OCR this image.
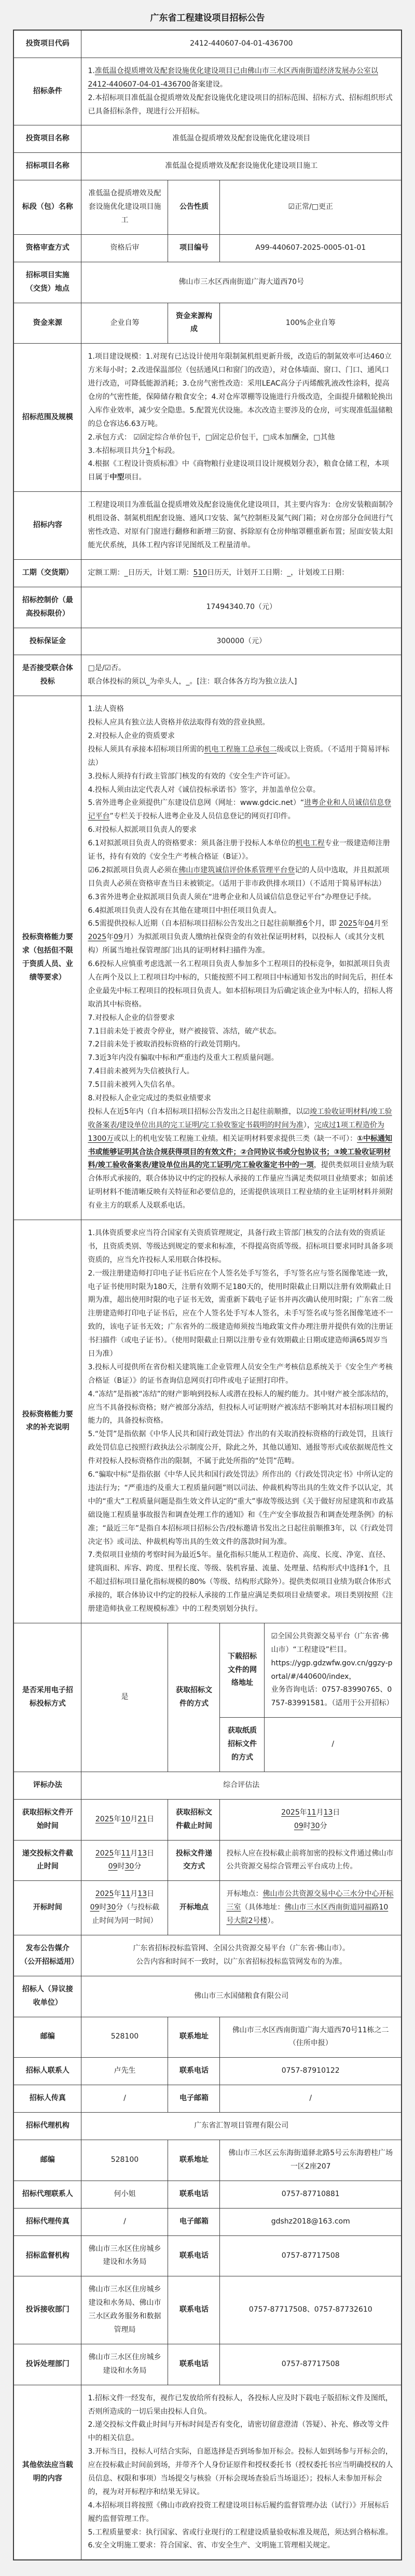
广东省工程建设项目招标公告
投资项目代码	2412-440607-04-01-436700			
招标条件	1.准低温仓提质增效及配套设施优化建设项目已由佛山市三水区西南街道经济发展办公室以2412-440607-04-01-436700备案建设。
2.本招标项目准低温仓提质增效及配套设施优化建设项目的招标范围、招标方式、招标组织形式已具备招标条件，现进行公开招标。			
投资项目名称	准低温仓提质增效及配套设施优化建设项目			
招标项目名称	准低温仓提质增效及配套设施优化建设项目施工			
标段（包）名称	准低温仓提质增效及配套设施优化建设项目施工	公告性质	☑正常/□更正	
资格审查方式	资格后审	项目编号	A99-440607-2025-0005-01-01	
招标项目实施（交货）地点	佛山市三水区西南街道广海大道西70号			
资金来源	企业自筹	资金来源构成	100%企业自筹	
招标范围及规模	1.项目建设规模：1.对现有已达设计使用年限制氮机组更新升级，改造后的制氮效率可达460立方米每小时；2.改进保温部位（包括通风口和窗门的改造），对仓体墙面、窗口、门口、通风口进行改造，可降低能源消耗；3.仓房气密性改造：采用LEAC高分子丙烯酸乳液改性涂料，提高仓房的气密性能，保障储存粮食安全；4.对仓库罩棚等设施进行升级改造，全面提升储粮轮换出入库作业效率，减少安全隐患。5.配置光伏设施。本次改造主要涉及的仓房，可实现准低温储粮的总仓容达6.63万吨。
2.承包方式： ☑固定综合单价包干，□固定总价包干，□成本加酬金，□其他
3.本招标项目共分1个标段。
4.根据《工程设计资质标准》中《商物粮行业建设项目设计规模划分表》，粮食仓储工程，本项目属于中型项目。			
招标内容	工程建设项目为准低温仓提质增效及配套设施优化建设项目，其主要内容为：仓房安装粮面制冷机组设备、制氮机组配套设施、通风口安装、氮气控制柜及氮气阀门箱；对仓房部分仓间进行气密性改造、对原有门窗进行翻修和新增三防窗、拆除原有仓房伸缩罩棚重新布置；屋面安装太阳能光伏系统，具体工程内容详见图纸及工程量清单。			
工期（交货期）	定额工期：_日历天，计划工期：510日历天，计划开工日期：_，计划竣工日期：			
招标控制价（最高投标限价）	17494340.70（元）			
投标保证金	300000（元）			
是否接受联合体投标	□是/☑否。
联合体投标的须以_为牵头人，_。[注：联合体各方均为独立法人]			
投标资格能力要求（包括但不限于资质人员、业绩等要求）	1.法人资格
投标人应具有独立法人资格并依法取得有效的营业执照。
2.对投标人企业的资质要求
投标人须具有承接本招标项目所需的机电工程施工总承包二级或以上资质。（不适用于简易评标法）
3.投标人须持有行政主管部门核发的有效的《安全生产许可证》。
4.投标人须由法定代表人对《诚信投标承诺书》签字，并加盖单位公章。
5.省外进粤企业须提供广东建设信息网（网址：www.gdcic.net）“进粤企业和人员诚信信息登记平台”专栏关于投标人进粤企业及人员信息登记的网页打印件。
6.对投标人拟派项目负责人的要求
6.1对拟派项目负责人的资格要求：须具备注册于投标人本单位的机电工程专业一级建造师注册证书，持有有效的《安全生产考核合格证（B证）》。
☑6.2拟派项目负责人必须在佛山市建筑诚信评价体系管理平台登记的人员中选取，并且拟派项目负责人必须在资格审查当日未被锁定。（适用于非市政供排水项目）（不适用于简易评标法）
6.3省外进粤企业拟派项目负责人须在“进粤企业和人员诚信信息登记平台”办理登记手续。
6.4拟派项目负责人没有在其他在建项目中担任项目负责人。
6.5需提供投标人近期（自本招标项目招标公告发出之日起往前顺推6个月，即 2025年04月至2025年09月）为拟派项目负责人缴纳社保资金的有效社保证明材料，以投标人（或其分支机构）所属当地社保管理部门出具的证明材料扫描件为准。
6.6投标人应慎重考虑选派一名工程项目负责人参加多个工程项目的投标竞争，如拟派项目负责人在两个及以上工程项目均中标的，只能按照不同工程项目中标通知书发出的时间先后，担任本企业最先中标工程项目的投标项目负责人。如本招标项目为后确定该企业为中标人的，招标人将取消其中标资格。
7.对投标人企业的信誉要求
7.1目前未处于被责令停业，财产被接管、冻结，破产状态。
7.2目前未处于被取消投标资格的行政处罚期内。
7.3近3年内没有骗取中标和严重违约及重大工程质量问题。
7.4目前未被列为失信被执行人。
7.5目前未被列入失信名单。
8.对投标人企业完成过的类似业绩要求
投标人在近5年内（自本招标项目招标公告发出之日起往前顺推，以☑竣工验收证明材料/竣工验收备案表/建设单位出具的完工证明/完工验收鉴定书载明的时间为准），完成过1项工程造价为1300万或以上的机电安装工程施工业绩。相关证明材料要求提供三类（缺一不可）：①中标通知书或能够证明其合法合规获得项目的有效文件；②合同协议书或分包协议书；③竣工验收证明材料/竣工验收备案表/建设单位出具的完工证明/完工验收鉴定书中的一项，提供类似项目业绩为联合体形式承接的，联合体协议中约定的投标人承接的工作量应当满足类似项目业绩要求；如前述证明材料不能清晰反映有关特征和必要信息的，还需提供该项目工程业绩的业主证明材料并须附有业主方的联系人及联系电话。
投标资格能力要求的补充说明	1.具体资质要求应当符合国家有关资质管理规定，具备行政主管部门核发的合法有效的资质证书，且资质类别、等级达到规定的要求和标准，不得提高资质等级。招标项目要求同时具备多项资质的，应当允许投标人采用联合体投标。
2.一级注册建造师打印电子证书后应在个人签名处手写签名，手写签名应与签名图像笔迹一致，电子证书使用时限为180天，注册有效期不足180天的，使用时限截止日期以注册有效期截止日期为准，超出使用时限的电子证书无效，需重新下载电子证书并再次确认使用时限；广东省二级注册建造师打印电子证书后，应在个人签名处手写本人签名，未手写签名或与签名图像笔迹不一致的，该电子证书无效；广东省外的二级建造师须按当地政策文件办理注册并提供有效的注册证书扫描件（或电子证书）。（使用时限截止日期以注册专业有效期截止日期或建造师满65周岁当日为准）
3.投标人可提供所在省份相关建筑施工企业管理人员安全生产考核信息系统关于《安全生产考核合格证（B证）》的证书查询信息网页打印件或电子证照打印件。
4.“冻结”是指被“冻结”的财产影响到投标人或潜在投标人的履约能力。其中财产被全部冻结的，应当不具备投标资格；财产被部分冻结，但投标人可证明财产被冻结不影响其对本招标项目履约能力的，具备投标资格。
5.“处罚”是指依据《中华人民共和国行政处罚法》作出的有关取消投标资格的行政处罚，且该行政处罚信息已按照行政执法公示制度公开，除此之外，其他以通知、通报等形式或依据规范性文件对投标人投标资格作出的限制，不属于此处所指的“处罚”范畴。
6.“骗取中标”是指依据《中华人民共和国行政处罚法》所作出的《行政处罚决定书》中所认定的违法行为；“严重违约及重大工程质量问题”则以司法、仲裁机构等出具的生效文件予以认定，其中的“重大”工程质量问题是指生效文件认定的“重大”事故等级达到《关于做好房屋建筑和市政基础设施工程质量事故报告和调查处理工作的通知》和《生产安全事故报告和调查处理条例》的标准；“最近三年”是指自本招标项目招标公告/投标邀请书发出之日起往前顺推3年，以《行政处罚决定书》或司法、仲裁机构等出具的生效文件的落款时间为准。
7.类似项目业绩的考察时间为最近5年。量化指标只能从工程造价、高度、长度、净宽、直径、建筑面积、库容、跨度、里程长度、等级、装机容量、流量、处理量、结构形式中选择1个，且不超过招标项目量化指标规模的80%（等级、结构形式除外）。提供类似项目业绩为联合体形式承接的，联合体协议中约定的投标人承接的工作量应满足类似项目业绩要求。项目类别按照《注册建造师执业工程规模标准》中的工程类别划分执行。
是否采用电子招标投标方式	是	获取招标文件的方式	下载招标文件的网络地址	☑全国公共资源交易平台（广东省·佛山市）“工程建设”栏目。
https://ygp.gdzwfw.gov.cn/ggzy-portal/#/440600/index，
业务咨询电话：0757-83990765、0757-83991581。（适用于公开招标）
			获取纸质招标文件的方式	/
评标办法	综合评估法			
获取招标文件开始时间	2025年10月21日	获取招标文件截止时间	2025年11月13日
09时30分	
递交投标文件截止时间	2025年11月13日
09时30分	投标文件递交方式	投标人应在投标截止前将加密的投标文件通过佛山市公共资源交易综合管理云平台成功上传。	
开标时间	2025年11月13日
09时30分（与投标截止时间为同一时间）	开标地点	开标地点：佛山市公共资源交易中心三水分中心开标三室（具体地址：佛山市三水区西南街道同福路10号大院2号楼）。	
发布公告媒介（公开招标适用）	广东省招标投标监管网、全国公共资源交易平台（广东省·佛山市）。
公告内容和时间不一致时，以广东省招标投标监管网发布的为准。			
招标人（异议接收单位）	佛山市三水国储粮食有限公司			
邮编	528100	联系地址	佛山市三水区西南街道广海大道西70号11栋之二（住所申报）	
招标人联系人	卢先生	联系电话	0757-87910122	
招标人传真	/	电子邮箱	/	
招标代理机构	广东省汇智项目管理有限公司			
邮编	528100	联系地址	佛山市三水区云东海街道驿北路5号云东海碧桂广场一区2座207	
招标代理联系人	何小姐	联系电话	0757-87710881	
招标代理传真	/	电子邮箱	gdshz2018@163.com	
招标监督机构	佛山市三水区住房城乡建设和水务局	联系电话	0757-87717508	
投诉接收部门	佛山市三水区住房城乡建设和水务局、佛山市三水区政务服务和数据管理局	联系电话	0757-87717508、0757-87732610	
投诉处理部门	佛山市三水区住房城乡建设和水务局	联系电话	0757-87717508	
其他依法应当载明的内容	1.招标文件一经发布，视作已发放给所有投标人，各投标人应及时下载电子版招标文件及图纸，否则所造成的一切后果由投标人自负。
2.递交投标文件截止时间与开标时间是否有变化，请密切留意澄清（答疑）、补充、修改等文件中的相关信息。
3.开标当日，投标人可结合实际，自愿选择是否到场参加开标会。投标人如到场参与开标会的，应在投标截止时间前到场，并带齐个人身份证原件和授权委托书（授权委托书应当明确授权的人员信息、权限和事项）当场提交与核验（开标会现场查验后当场退还）；投标人未参加开标会的，视为对开标程序和结果无异议。
4.本招标项目将按照《佛山市政府投资工程建设项目标后履约监督管理办法（试行）》开展标后履约监督管理工作。
5.工程质量要求：执行国家、省或行业现行的工程建设质量验收标准及规范，须达到合格标准。
6.安全文明施工要求：符合国家、省、市安全生产、文明施工管理相关规定。
